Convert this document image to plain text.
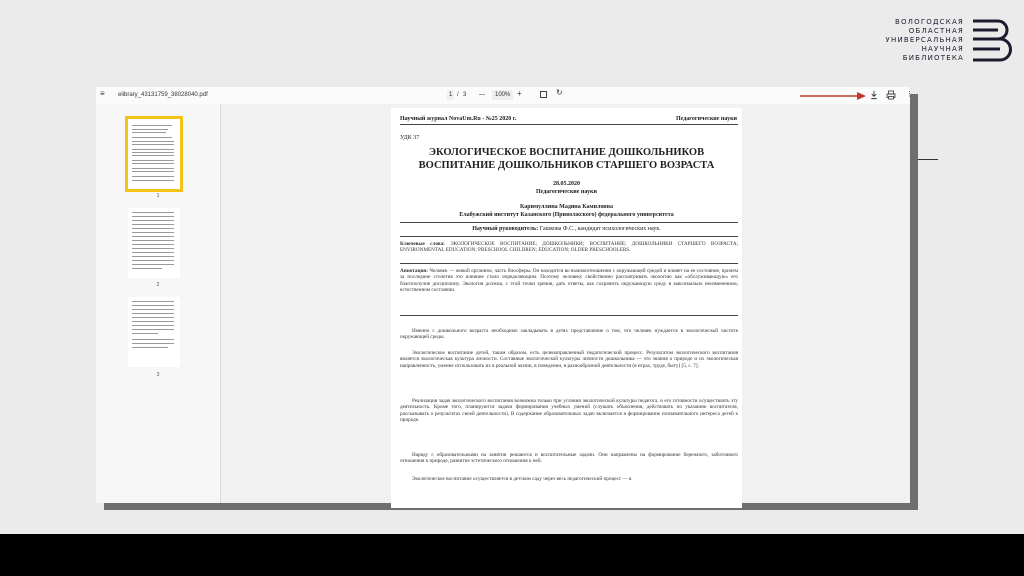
ВОЛОГОДСКАЯ
ОБЛАСТНАЯ
УНИВЕРСАЛЬНАЯ
НАУЧНАЯ
БИБЛИОТЕКА
≡ elibrary_43131759_38028040.pdf	1 / 3 —	100% +	↻	⋮
1
2
3
Научный журнал NovaUm.Ru - №25 2020 г.	Педагогические науки
УДК 37
ЭКОЛОГИЧЕСКОЕ ВОСПИТАНИЕ ДОШКОЛЬНИКОВ
ВОСПИТАНИЕ ДОШКОЛЬНИКОВ СТАРШЕГО ВОЗРАСТА
28.05.2020
Педагогические науки
Каримуллина Мадина Камиловна
Елабужский институт Казанского (Приволжского) федерального университета
Научный руководитель: Гашкова Ф.С., кандидат психологических наук.
Ключевые слова: ЭКОЛОГИЧЕСКОЕ ВОСПИТАНИЕ; ДОШКОЛЬНИКИ; ВОСПИТАНИЕ; ДОШКОЛЬНИКИ СТАРШЕГО ВОЗРАСТА; ENVIRONMENTAL EDUCATION; PRESCHOOL CHILDREN; EDUCATION; OLDER PRESCHOOLERS.
Аннотация: Человек — живой организм, часть биосферы. Он находится во взаимоотношении с окружающей средой и влияет на ее состояние, причем за последние столетия это влияние стало определяющим. Поэтому человеку свойственно рассматривать экологию как «обслуживающую» его благополучие дисциплину. Экология должна, с этой точки зрения, дать ответы, как сохранить окружающую среду в максимально неизмененном, естественном состоянии.
Именно с дошкольного возраста необходимо закладывать в детях представление о том, что человек нуждается в экологической чистоте окружающей среды.
Экологическое воспитание детей, таким образом, есть целенаправленный педагогический процесс. Результатом экологического воспитания является экологическая культура личности. Составные экологической культуры личности дошкольника — это знания о природе и их экологическая направленность, умение использовать их в реальной жизни, в поведении, в разнообразной деятельности (в играх, труде, быту) [5, с. 7].
Реализация задач экологического воспитания возможна только при условии экологической культуры педагога, и его готовности осуществлять эту деятельность. Кроме того, планируются задачи формирования учебных умений (слушать объяснения, действовать по указанию воспитателя, рассказывать о результатах своей деятельности). В содержание образовательных задач включается и формирование познавательного интереса детей к природе.
Наряду с образовательными на занятии решаются и воспитательные задачи. Они направлены на формирование бережного, заботливого отношения к природе, развитие эстетического отношения к ней.
Экологическое воспитание осуществляется в детском саду через весь педагогический процесс — в
